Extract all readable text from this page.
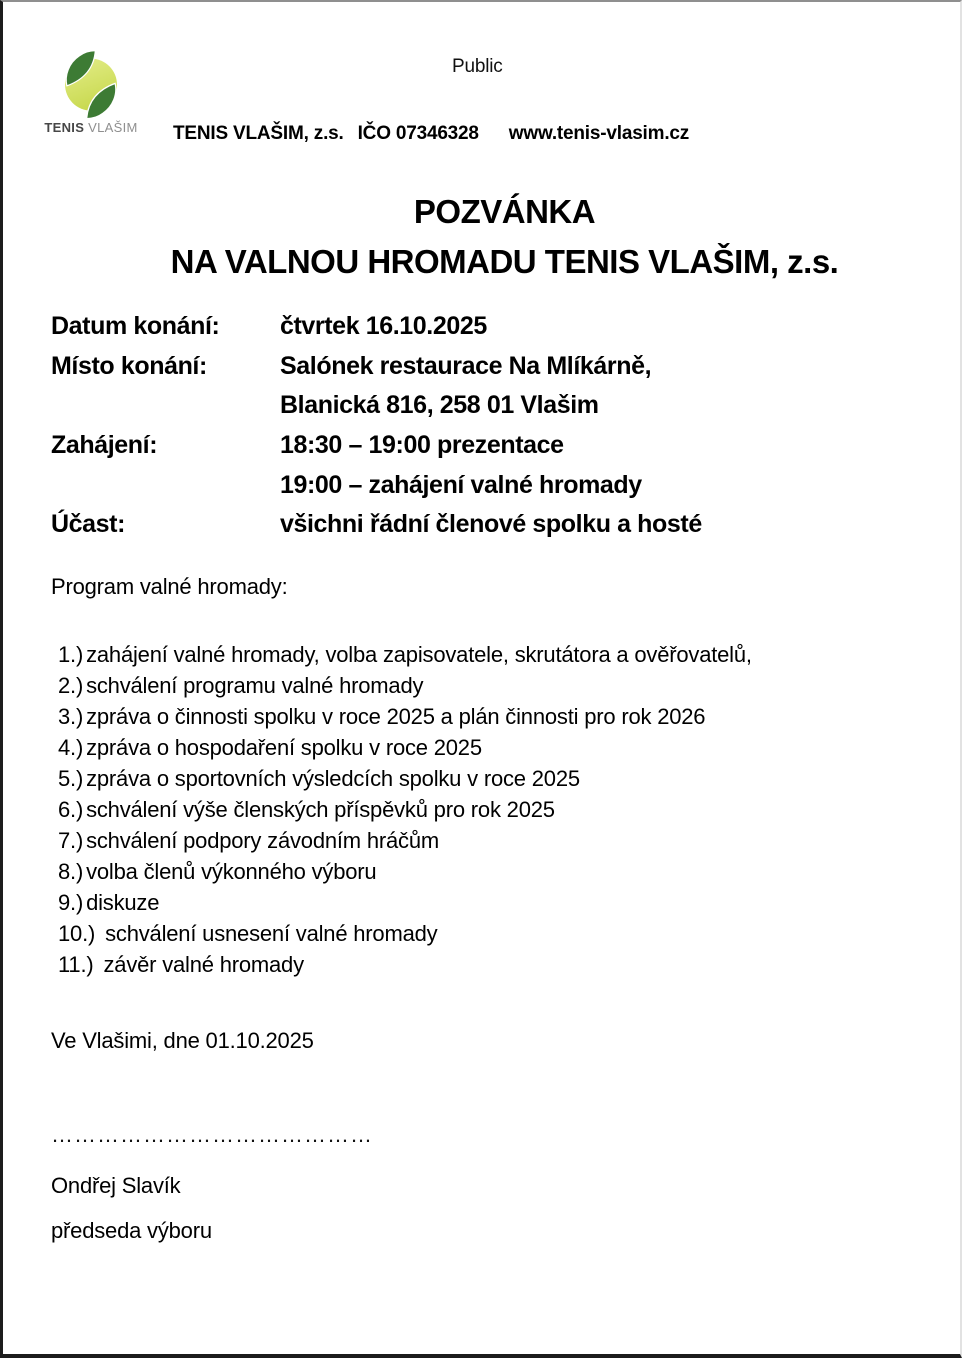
TENIS VLAŠIM
Public
TENIS VLAŠIM, z.s. IČO 07346328 www.tenis-vlasim.cz
POZVÁNKA
NA VALNOU HROMADU TENIS VLAŠIM, z.s.
Datum konání:	čtvrtek 16.10.2025
Místo konání:	Salónek restaurace Na Mlíkárně,
Blanická 816, 258 01 Vlašim
Zahájení:	18:30 – 19:00 prezentace
19:00 – zahájení valné hromady
Účast:	všichni řádní členové spolku a hosté
Program valné hromady:
1.) zahájení valné hromady, volba zapisovatele, skrutátora a ověřovatelů,
2.) schválení programu valné hromady
3.) zpráva o činnosti spolku v roce 2025 a plán činnosti pro rok 2026
4.) zpráva o hospodaření spolku v roce 2025
5.) zpráva o sportovních výsledcích spolku v roce 2025
6.) schválení výše členských příspěvků pro rok 2025
7.) schválení podpory závodním hráčům
8.) volba členů výkonného výboru
9.) diskuze
10.) schválení usnesení valné hromady
11.) závěr valné hromady
Ve Vlašimi, dne 01.10.2025
……………………………………
Ondřej Slavík
předseda výboru
